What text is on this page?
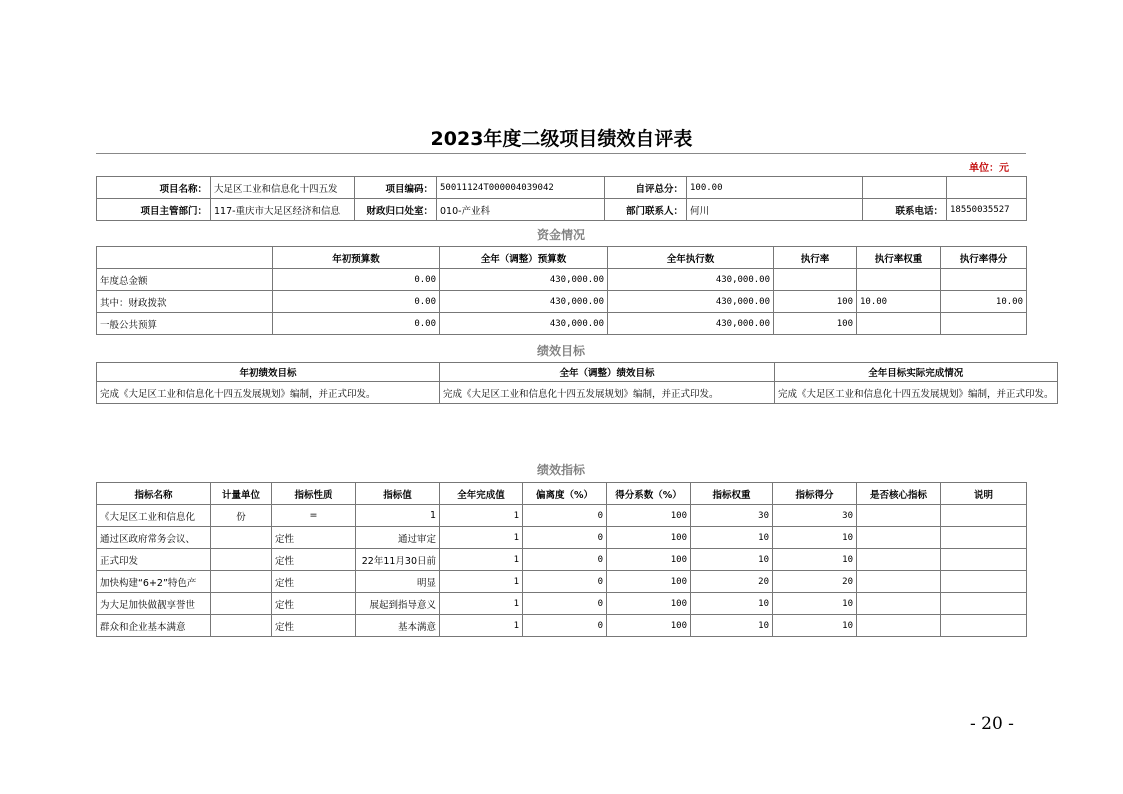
2023年度二级项目绩效自评表
单位：元
项目名称：	大足区工业和信息化十四五发	项目编码：	50011124T000004039042	自评总分：	100.00		
项目主管部门：	117-重庆市大足区经济和信息	财政归口处室：	010-产业科	部门联系人：	何川	联系电话：	18550035527
资金情况
	年初预算数	全年（调整）预算数	全年执行数	执行率	执行率权重	执行率得分
年度总金额	0.00	430,000.00	430,000.00			
其中：财政拨款	0.00	430,000.00	430,000.00	100	10.00	10.00
一般公共预算	0.00	430,000.00	430,000.00	100		
绩效目标
年初绩效目标	全年（调整）绩效目标	全年目标实际完成情况
完成《大足区工业和信息化十四五发展规划》编制，并正式印发。	完成《大足区工业和信息化十四五发展规划》编制，并正式印发。	完成《大足区工业和信息化十四五发展规划》编制，并正式印发。
绩效指标
指标名称	计量单位	指标性质	指标值	全年完成值	偏离度（%）	得分系数（%）	指标权重	指标得分	是否核心指标	说明
《大足区工业和信息化	份	=	1	1	0	100	30	30		
通过区政府常务会议、		定性	通过审定	1	0	100	10	10		
正式印发		定性	22年11月30日前	1	0	100	10	10		
加快构建“6+2”特色产		定性	明显	1	0	100	20	20		
为大足加快做靓享誉世		定性	展起到指导意义	1	0	100	10	10		
群众和企业基本满意		定性	基本满意	1	0	100	10	10		
- 20 -
